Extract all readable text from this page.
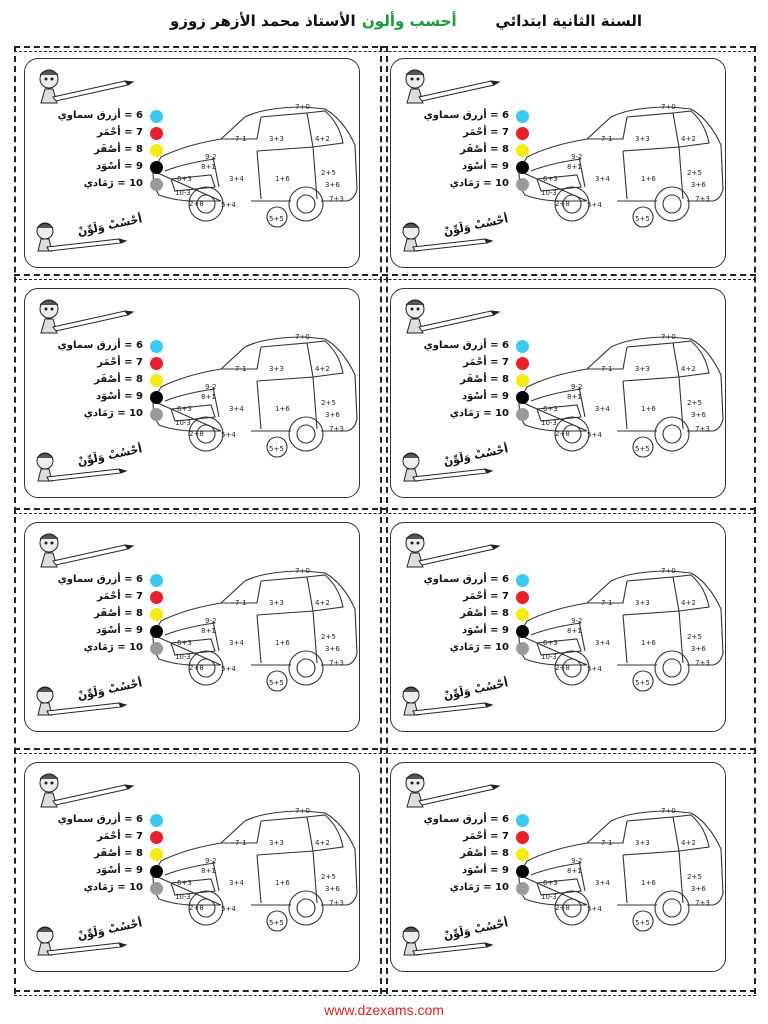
السنة الثانية ابتدائي
أحسب وألون
الأستاذ محمد الأزهر زوزو
7+0
7-1	3+3	4+2
9-2
6+3	3+4	1+6
2+5
10-3
2+8
5+5
5+4
7+3
3+6
8+1
6 = أزرق سماوي
7 = أحْمَر
8 = أصْفَر
9 = أسْوَد
10 = رَمَادي
أحْسُبْ وَلَوِّنْ
7+0
7-1	3+3	4+2
9-2
6+3	3+4	1+6
2+5
10-3
2+8
5+5
5+4
7+3
3+6
8+1
6 = أزرق سماوي
7 = أحْمَر
8 = أصْفَر
9 = أسْوَد
10 = رَمَادي
أحْسُبْ وَلَوِّنْ
7+0
7-1	3+3	4+2
9-2
6+3	3+4	1+6
2+5
10-3
2+8
5+5
5+4
7+3
3+6
8+1
6 = أزرق سماوي
7 = أحْمَر
8 = أصْفَر
9 = أسْوَد
10 = رَمَادي
أحْسُبْ وَلَوِّنْ
7+0
7-1	3+3	4+2
9-2
6+3	3+4	1+6
2+5
10-3
2+8
5+5
5+4
7+3
3+6
8+1
6 = أزرق سماوي
7 = أحْمَر
8 = أصْفَر
9 = أسْوَد
10 = رَمَادي
أحْسُبْ وَلَوِّنْ
7+0
7-1	3+3	4+2
9-2
6+3	3+4	1+6
2+5
10-3
2+8
5+5
5+4
7+3
3+6
8+1
6 = أزرق سماوي
7 = أحْمَر
8 = أصْفَر
9 = أسْوَد
10 = رَمَادي
أحْسُبْ وَلَوِّنْ
7+0
7-1	3+3	4+2
9-2
6+3	3+4	1+6
2+5
10-3
2+8
5+5
5+4
7+3
3+6
8+1
6 = أزرق سماوي
7 = أحْمَر
8 = أصْفَر
9 = أسْوَد
10 = رَمَادي
أحْسُبْ وَلَوِّنْ
7+0
7-1	3+3	4+2
9-2
6+3	3+4	1+6
2+5
10-3
2+8
5+5
5+4
7+3
3+6
8+1
6 = أزرق سماوي
7 = أحْمَر
8 = أصْفَر
9 = أسْوَد
10 = رَمَادي
أحْسُبْ وَلَوِّنْ
7+0
7-1	3+3	4+2
9-2
6+3	3+4	1+6
2+5
10-3
2+8
5+5
5+4
7+3
3+6
8+1
6 = أزرق سماوي
7 = أحْمَر
8 = أصْفَر
9 = أسْوَد
10 = رَمَادي
أحْسُبْ وَلَوِّنْ
www.dzexams.com
